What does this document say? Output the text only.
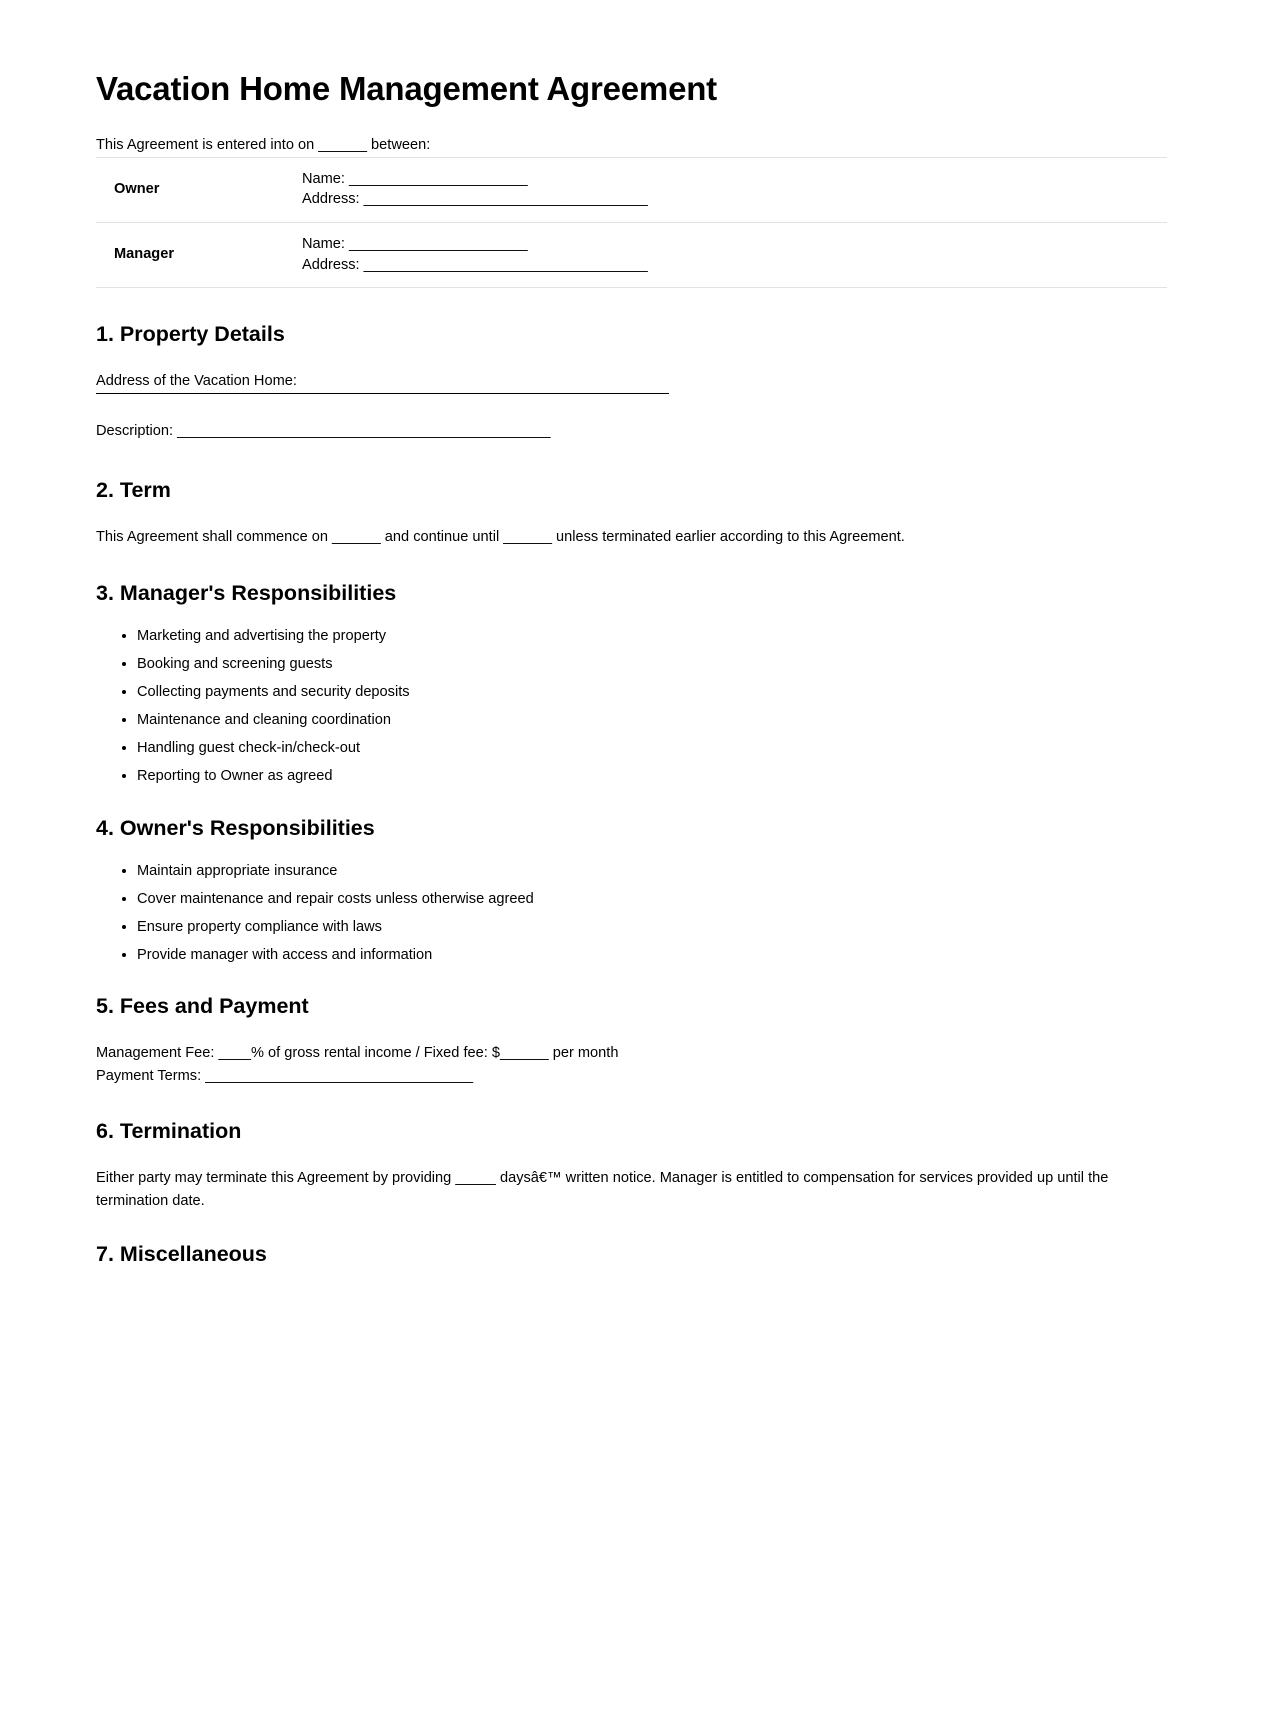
Vacation Home Management Agreement

This Agreement is entered into on ______ between:

Owner	Name: ______________________
Address: ___________________________________

Manager	Name: ______________________
Address: ___________________________________
1. Property Details

Address of the Vacation Home:

Description: ______________________________________________

2. Term

This Agreement shall commence on ______ and continue until ______ unless terminated earlier according to this Agreement.

3. Manager's Responsibilities
• Marketing and advertising the property
• Booking and screening guests
• Collecting payments and security deposits
• Maintenance and cleaning coordination
• Handling guest check-in/check-out
• Reporting to Owner as agreed
4. Owner's Responsibilities
• Maintain appropriate insurance
• Cover maintenance and repair costs unless otherwise agreed
• Ensure property compliance with laws
• Provide manager with access and information
5. Fees and Payment

Management Fee: ____% of gross rental income / Fixed fee: $______ per month

Payment Terms: _________________________________

6. Termination

Either party may terminate this Agreement by providing _____ daysâ€™ written notice. Manager is entitled to compensation for services provided up until the termination date.

7. Miscellaneous
